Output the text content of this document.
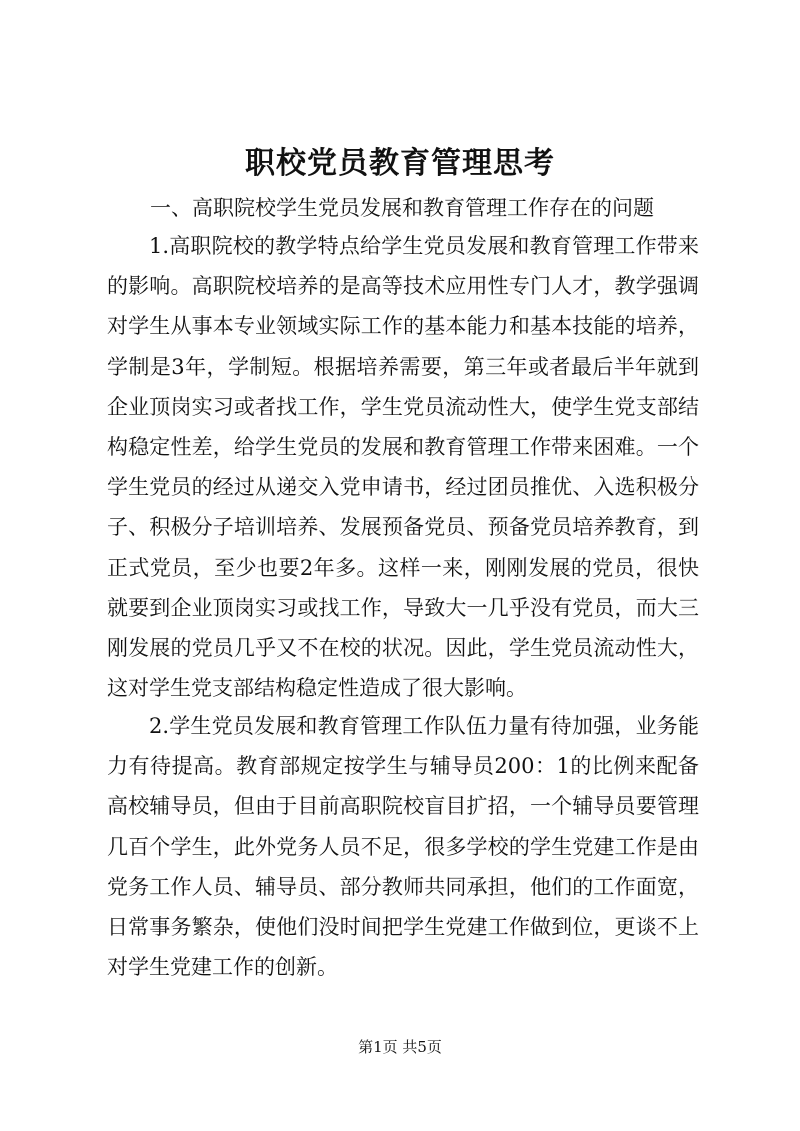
职校党员教育管理思考
一、高职院校学生党员发展和教育管理工作存在的问题
1.高职院校的教学特点给学生党员发展和教育管理工作带来的影响。高职院校培养的是高等技术应用性专门人才，教学强调对学生从事本专业领域实际工作的基本能力和基本技能的培养，学制是3年，学制短。根据培养需要，第三年或者最后半年就到企业顶岗实习或者找工作，学生党员流动性大，使学生党支部结构稳定性差，给学生党员的发展和教育管理工作带来困难。一个学生党员的经过从递交入党申请书，经过团员推优、入选积极分子、积极分子培训培养、发展预备党员、预备党员培养教育，到正式党员，至少也要2年多。这样一来，刚刚发展的党员，很快就要到企业顶岗实习或找工作，导致大一几乎没有党员，而大三刚发展的党员几乎又不在校的状况。因此，学生党员流动性大，这对学生党支部结构稳定性造成了很大影响。
2.学生党员发展和教育管理工作队伍力量有待加强，业务能力有待提高。教育部规定按学生与辅导员200：1的比例来配备高校辅导员，但由于目前高职院校盲目扩招，一个辅导员要管理几百个学生，此外党务人员不足，很多学校的学生党建工作是由党务工作人员、辅导员、部分教师共同承担，他们的工作面宽，日常事务繁杂，使他们没时间把学生党建工作做到位，更谈不上对学生党建工作的创新。
第1页 共5页
